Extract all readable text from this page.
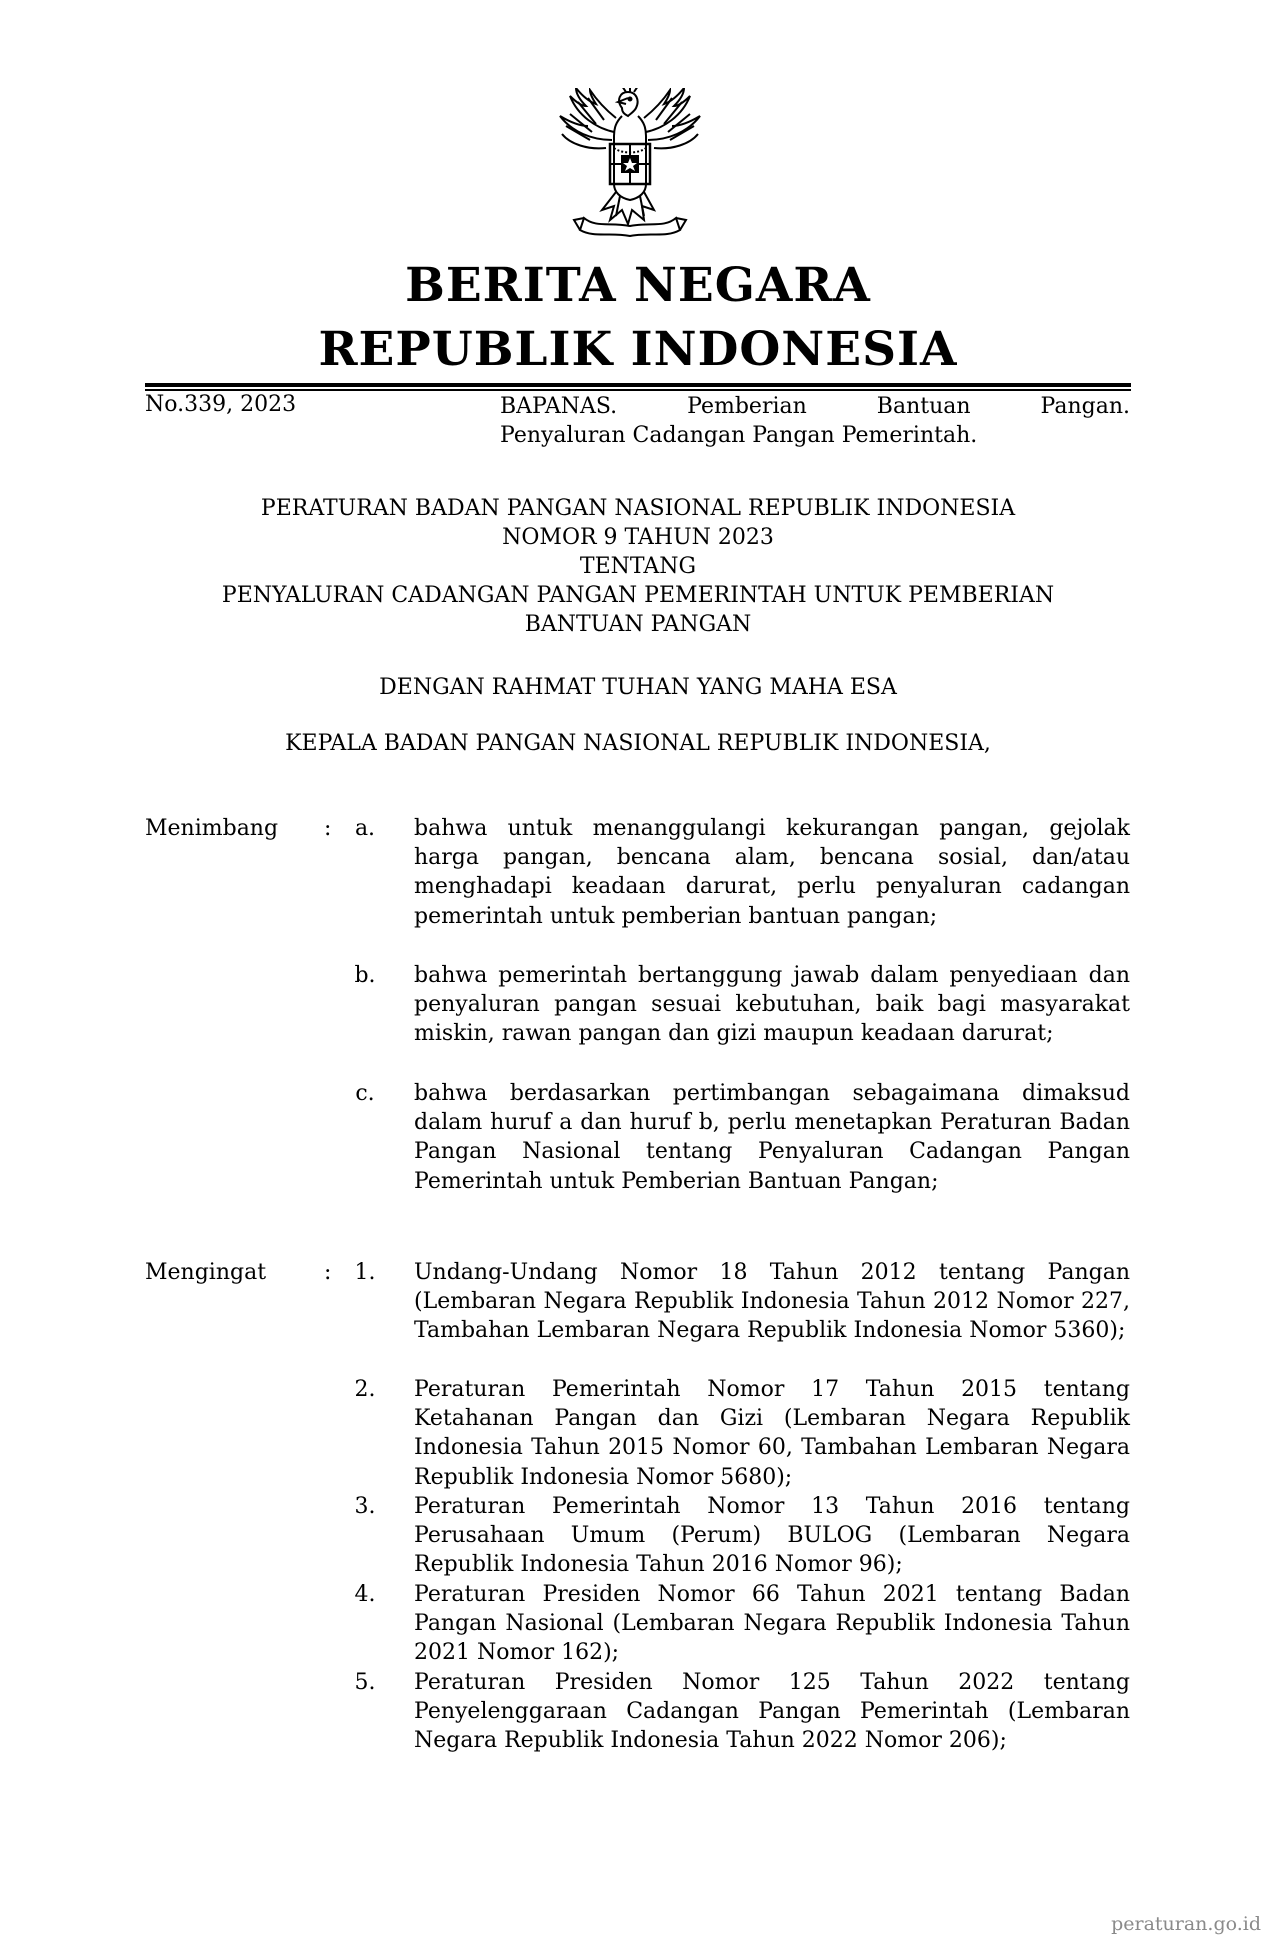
BERITA NEGARA
REPUBLIK INDONESIA
No.339, 2023	BAPANAS. Pemberian Bantuan Pangan.
Penyaluran Cadangan Pangan Pemerintah.
PERATURAN BADAN PANGAN NASIONAL REPUBLIK INDONESIA
NOMOR 9 TAHUN 2023
TENTANG
PENYALURAN CADANGAN PANGAN PEMERINTAH UNTUK PEMBERIAN
BANTUAN PANGAN
DENGAN RAHMAT TUHAN YANG MAHA ESA
KEPALA BADAN PANGAN NASIONAL REPUBLIK INDONESIA,
Menimbang : a. bahwa untuk menanggulangi kekurangan pangan, gejolak harga pangan, bencana alam, bencana sosial, dan/atau menghadapi keadaan darurat, perlu penyaluran cadangan pemerintah untuk pemberian bantuan pangan;
b. bahwa pemerintah bertanggung jawab dalam penyediaan dan penyaluran pangan sesuai kebutuhan, baik bagi masyarakat miskin, rawan pangan dan gizi maupun keadaan darurat;
c. bahwa berdasarkan pertimbangan sebagaimana dimaksud dalam huruf a dan huruf b, perlu menetapkan Peraturan Badan Pangan Nasional tentang Penyaluran Cadangan Pangan Pemerintah untuk Pemberian Bantuan Pangan;
Mengingat	: 1. Undang-Undang Nomor 18 Tahun 2012 tentang Pangan (Lembaran Negara Republik Indonesia Tahun 2012 Nomor 227, Tambahan Lembaran Negara Republik Indonesia Nomor 5360);
2. Peraturan Pemerintah Nomor 17 Tahun 2015 tentang Ketahanan Pangan dan Gizi (Lembaran Negara Republik Indonesia Tahun 2015 Nomor 60, Tambahan Lembaran Negara Republik Indonesia Nomor 5680);
3. Peraturan Pemerintah Nomor 13 Tahun 2016 tentang Perusahaan Umum (Perum) BULOG (Lembaran Negara Republik Indonesia Tahun 2016 Nomor 96);
4. Peraturan Presiden Nomor 66 Tahun 2021 tentang Badan Pangan Nasional (Lembaran Negara Republik Indonesia Tahun 2021 Nomor 162);
5. Peraturan Presiden Nomor 125 Tahun 2022 tentang Penyelenggaraan Cadangan Pangan Pemerintah (Lembaran Negara Republik Indonesia Tahun 2022 Nomor 206);
peraturan.go.id
